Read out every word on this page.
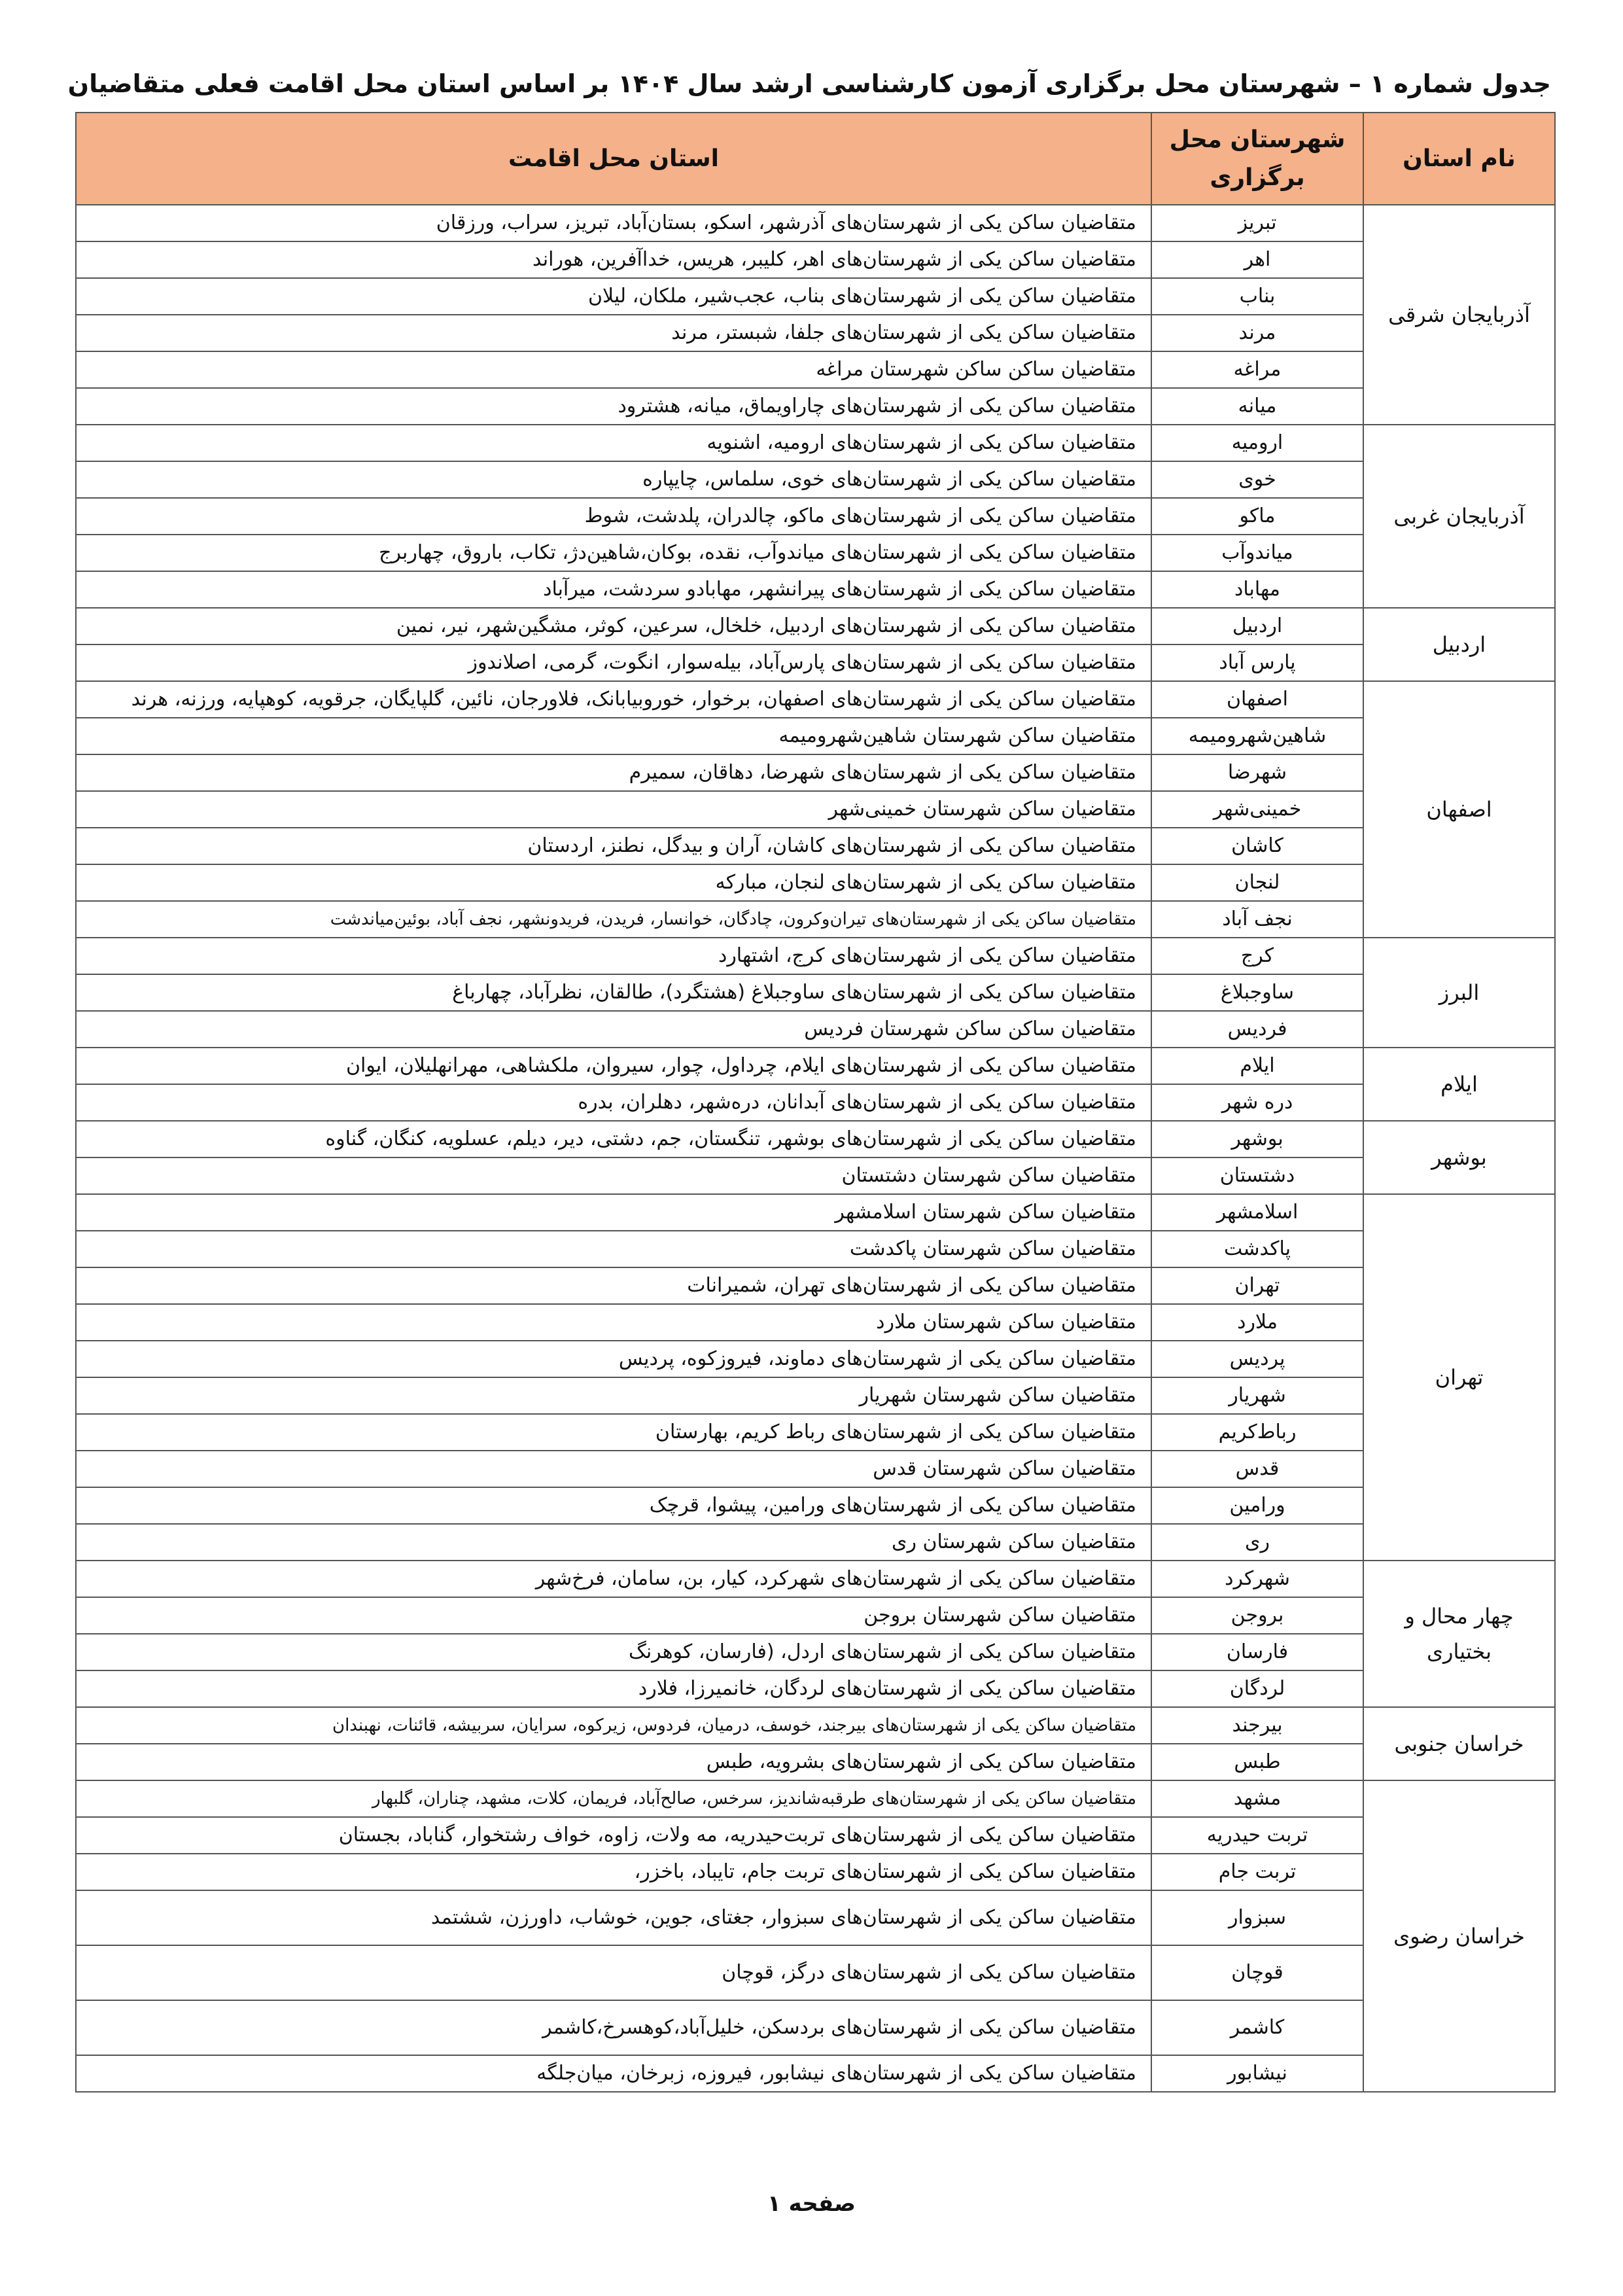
جدول شماره ۱ – شهرستان محل برگزاری آزمون کارشناسی ارشد سال ۱۴۰۴ بر اساس استان محل اقامت فعلی متقاضیان
نام استان	شهرستان محل برگزاری	استان محل اقامت
آذربایجان شرقی	تبریز	متقاضیان ساکن یکی از شهرستان‌های آذرشهر، اسکو، بستان‌آباد، تبریز، سراب، ورزقان
	اهر	متقاضیان ساکن یکی از شهرستان‌های اهر، کلیبر، هریس، خداآفرین، هوراند
	بناب	متقاضیان ساکن یکی از شهرستان‌های بناب، عجب‌شیر، ملکان، لیلان
	مرند	متقاضیان ساکن یکی از شهرستان‌های جلفا، شبستر، مرند
	مراغه	متقاضیان ساکن ساکن شهرستان مراغه
	میانه	متقاضیان ساکن یکی از شهرستان‌های چاراویماق، میانه، هشترود
آذربایجان غربی	ارومیه	متقاضیان ساکن یکی از شهرستان‌های ارومیه، اشنویه
	خوی	متقاضیان ساکن یکی از شهرستان‌های خوی، سلماس، چایپاره
	ماکو	متقاضیان ساکن یکی از شهرستان‌های ماکو، چالدران، پلدشت، شوط
	میاندوآب	متقاضیان ساکن یکی از شهرستان‌های میاندوآب، نقده، بوکان،شاهین‌دژ، تکاب، باروق، چهاربرج
	مهاباد	متقاضیان ساکن یکی از شهرستان‌های پیرانشهر، مهابادو سردشت، میرآباد
اردبیل	اردبیل	متقاضیان ساکن یکی از شهرستان‌های اردبیل، خلخال، سرعین، کوثر، مشگین‌شهر، نیر، نمین
	پارس آباد	متقاضیان ساکن یکی از شهرستان‌های پارس‌آباد، بیله‌سوار، انگوت، گرمی، اصلاندوز
اصفهان	اصفهان	متقاضیان ساکن یکی از شهرستان‌های اصفهان، برخوار، خوروبیابانک، فلاورجان، نائین، گلپایگان، جرقویه، کوهپایه، ورزنه، هرند
	شاهین‌شهرومیمه	متقاضیان ساکن شهرستان شاهین‌شهرومیمه
	شهرضا	متقاضیان ساکن یکی از شهرستان‌های شهرضا، دهاقان، سمیرم
	خمینی‌شهر	متقاضیان ساکن شهرستان خمینی‌شهر
	کاشان	متقاضیان ساکن یکی از شهرستان‌های کاشان، آران و بیدگل، نطنز، اردستان
	لنجان	متقاضیان ساکن یکی از شهرستان‌های لنجان، مبارکه
	نجف آباد	متقاضیان ساکن یکی از شهرستان‌های تیران‌وکرون، چادگان، خوانسار، فریدن، فریدونشهر، نجف آباد، بوئین‌میاندشت
البرز	کرج	متقاضیان ساکن یکی از شهرستان‌های کرج، اشتهارد
	ساوجبلاغ	متقاضیان ساکن یکی از شهرستان‌های ساوجبلاغ (هشتگرد)، طالقان، نظرآباد، چهارباغ
	فردیس	متقاضیان ساکن ساکن شهرستان فردیس
ایلام	ایلام	متقاضیان ساکن یکی از شهرستان‌های ایلام، چرداول، چوار، سیروان، ملکشاهی، مهرانهلیلان، ایوان
	دره شهر	متقاضیان ساکن یکی از شهرستان‌های آبدانان، دره‌شهر، دهلران، بدره
بوشهر	بوشهر	متقاضیان ساکن یکی از شهرستان‌های بوشهر، تنگستان، جم، دشتی، دیر، دیلم، عسلویه، کنگان، گناوه
	دشتستان	متقاضیان ساکن شهرستان دشتستان
تهران	اسلامشهر	متقاضیان ساکن شهرستان اسلامشهر
	پاکدشت	متقاضیان ساکن شهرستان پاکدشت
	تهران	متقاضیان ساکن یکی از شهرستان‌های تهران، شمیرانات
	ملارد	متقاضیان ساکن شهرستان ملارد
	پردیس	متقاضیان ساکن یکی از شهرستان‌های دماوند، فیروزکوه، پردیس
	شهریار	متقاضیان ساکن شهرستان شهریار
	رباط‌کریم	متقاضیان ساکن یکی از شهرستان‌های رباط کریم، بهارستان
	قدس	متقاضیان ساکن شهرستان قدس
	ورامین	متقاضیان ساکن یکی از شهرستان‌های ورامین، پیشوا، قرچک
	ری	متقاضیان ساکن شهرستان ری
چهار محال و بختیاری	شهرکرد	متقاضیان ساکن یکی از شهرستان‌های شهرکرد، کیار، بن، سامان، فرخ‌شهر
	بروجن	متقاضیان ساکن شهرستان بروجن
	فارسان	متقاضیان ساکن یکی از شهرستان‌های اردل، (فارسان، کوهرنگ
	لردگان	متقاضیان ساکن یکی از شهرستان‌های لردگان، خانمیرزا، فلارد
خراسان جنوبی	بیرجند	متقاضیان ساکن یکی از شهرستان‌های بیرجند، خوسف، درمیان، فردوس، زیرکوه، سرایان، سربیشه، قائنات، نهبندان
	طبس	متقاضیان ساکن یکی از شهرستان‌های بشرویه، طبس
خراسان رضوی	مشهد	متقاضیان ساکن یکی از شهرستان‌های طرقبه‌شاندیز، سرخس، صالح‌آباد، فریمان، کلات، مشهد، چناران، گلبهار
	تربت حیدریه	متقاضیان ساکن یکی از شهرستان‌های تربت‌حیدریه، مه ولات، زاوه، خواف رشتخوار، گناباد، بجستان
	تربت جام	متقاضیان ساکن یکی از شهرستان‌های تربت جام، تایباد، باخزر،
	سبزوار	متقاضیان ساکن یکی از شهرستان‌های سبزوار، جغتای، جوین، خوشاب، داورزن، ششتمد
	قوچان	متقاضیان ساکن یکی از شهرستان‌های درگز، قوچان
	کاشمر	متقاضیان ساکن یکی از شهرستان‌های بردسکن، خلیل‌آباد،کوهسرخ،کاشمر
	نیشابور	متقاضیان ساکن یکی از شهرستان‌های نیشابور، فیروزه، زبرخان، میان‌جلگه
صفحه ۱
